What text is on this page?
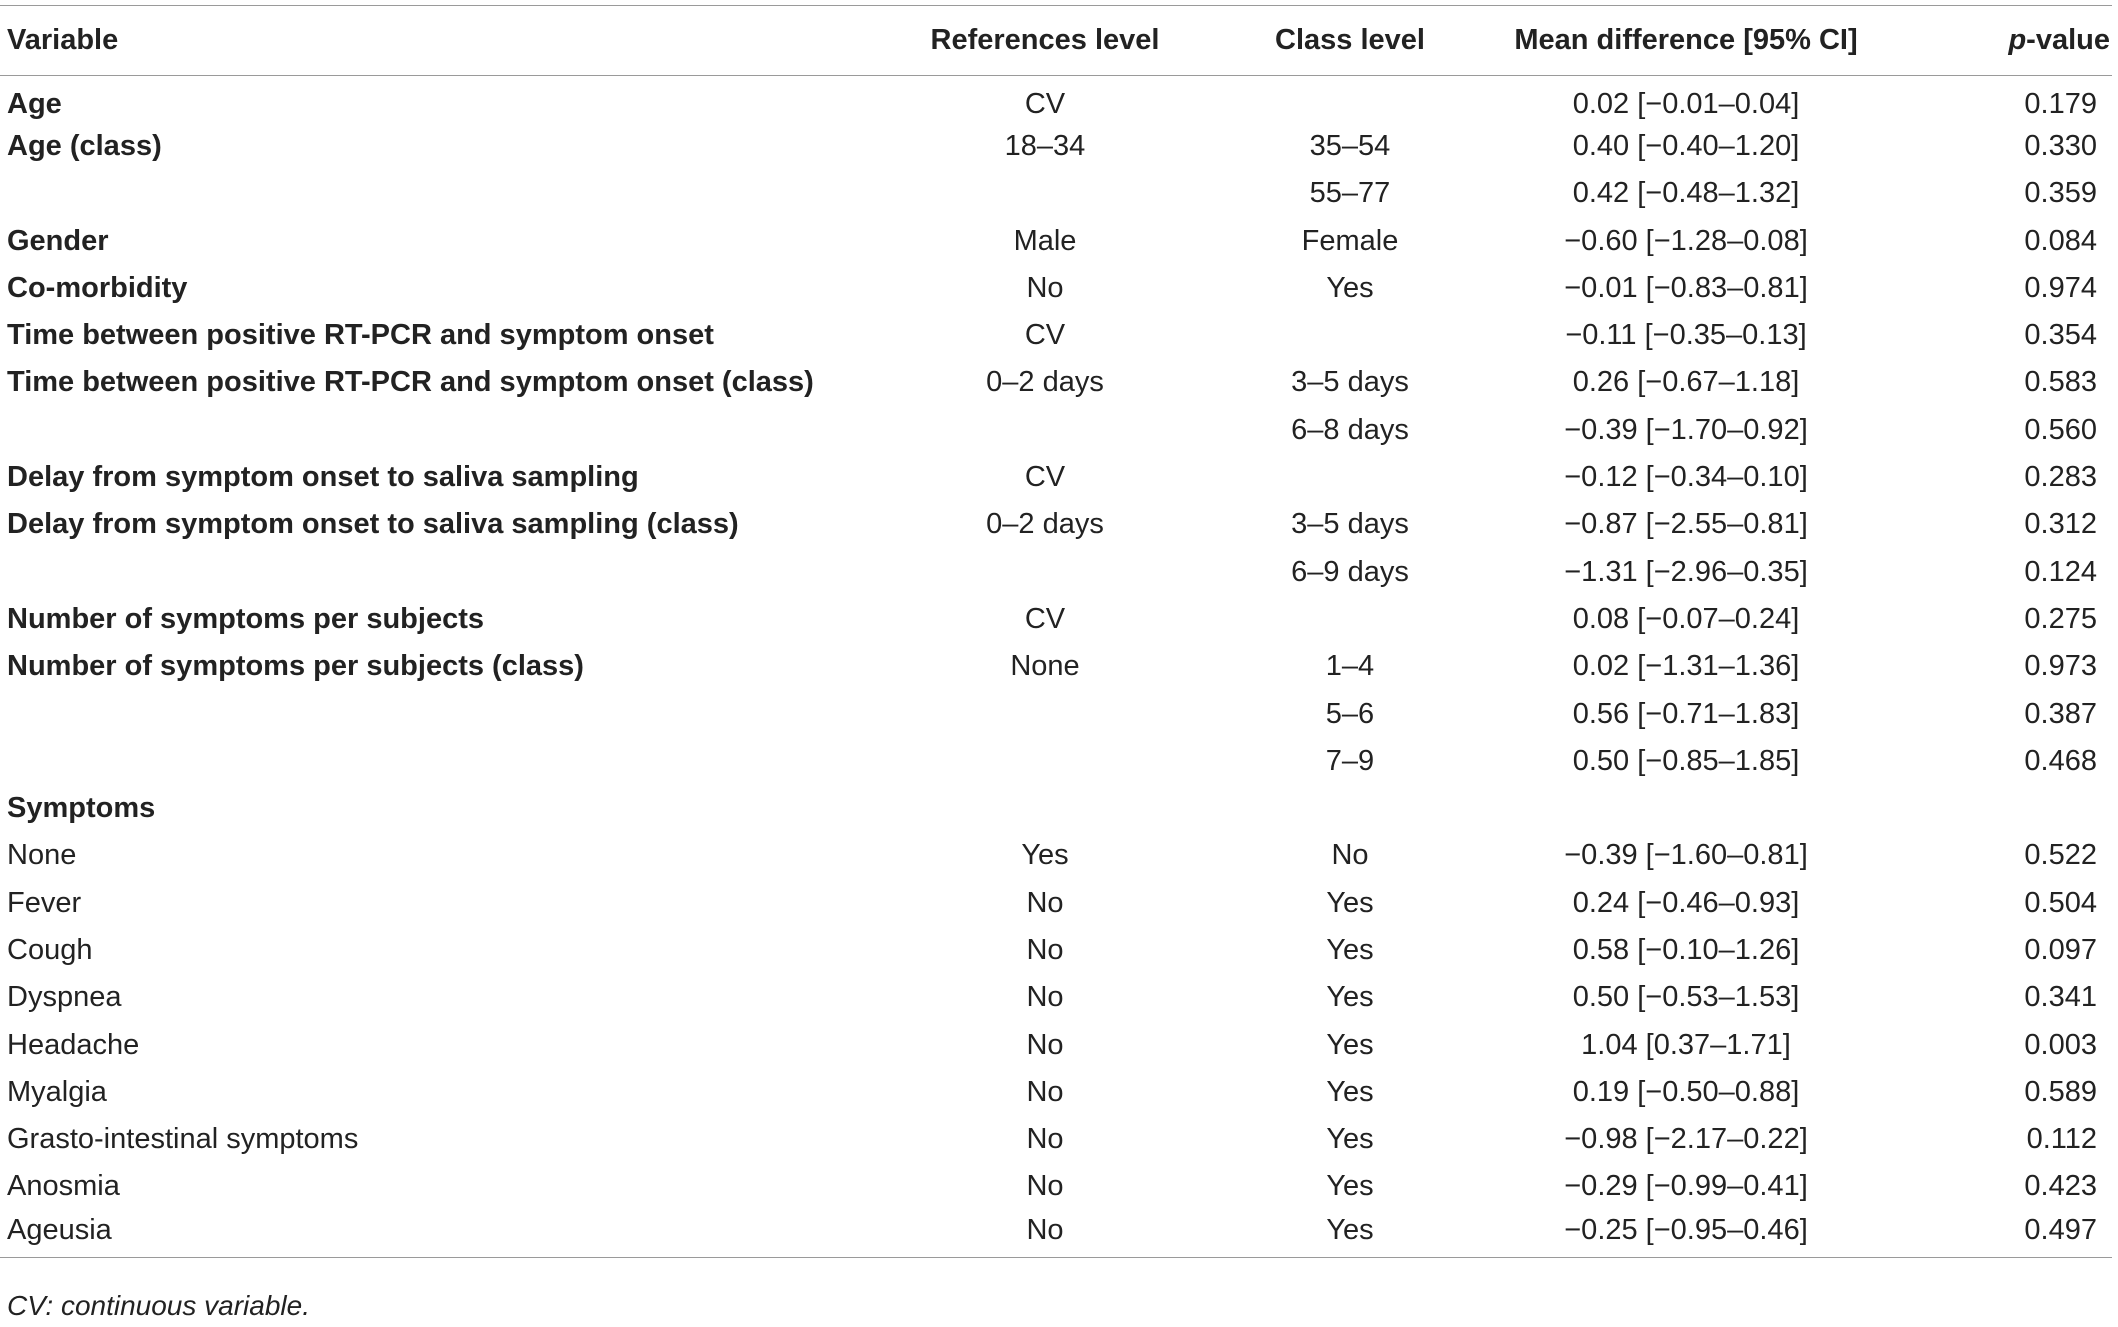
Variable	References level	Class level	Mean difference [95% CI]	p-value
Age	CV		0.02 [−0.01–0.04]	0.179
Age (class)	18–34	35–54	0.40 [−0.40–1.20]	0.330
		55–77	0.42 [−0.48–1.32]	0.359
Gender	Male	Female	−0.60 [−1.28–0.08]	0.084
Co-morbidity	No	Yes	−0.01 [−0.83–0.81]	0.974
Time between positive RT-PCR and symptom onset	CV		−0.11 [−0.35–0.13]	0.354
Time between positive RT-PCR and symptom onset (class)	0–2 days	3–5 days	0.26 [−0.67–1.18]	0.583
		6–8 days	−0.39 [−1.70–0.92]	0.560
Delay from symptom onset to saliva sampling	CV		−0.12 [−0.34–0.10]	0.283
Delay from symptom onset to saliva sampling (class)	0–2 days	3–5 days	−0.87 [−2.55–0.81]	0.312
		6–9 days	−1.31 [−2.96–0.35]	0.124
Number of symptoms per subjects	CV		0.08 [−0.07–0.24]	0.275
Number of symptoms per subjects (class)	None	1–4	0.02 [−1.31–1.36]	0.973
		5–6	0.56 [−0.71–1.83]	0.387
		7–9	0.50 [−0.85–1.85]	0.468
Symptoms				
None	Yes	No	−0.39 [−1.60–0.81]	0.522
Fever	No	Yes	0.24 [−0.46–0.93]	0.504
Cough	No	Yes	0.58 [−0.10–1.26]	0.097
Dyspnea	No	Yes	0.50 [−0.53–1.53]	0.341
Headache	No	Yes	1.04 [0.37–1.71]	0.003
Myalgia	No	Yes	0.19 [−0.50–0.88]	0.589
Grasto-intestinal symptoms	No	Yes	−0.98 [−2.17–0.22]	0.112
Anosmia	No	Yes	−0.29 [−0.99–0.41]	0.423
Ageusia	No	Yes	−0.25 [−0.95–0.46]	0.497
CV: continuous variable.
